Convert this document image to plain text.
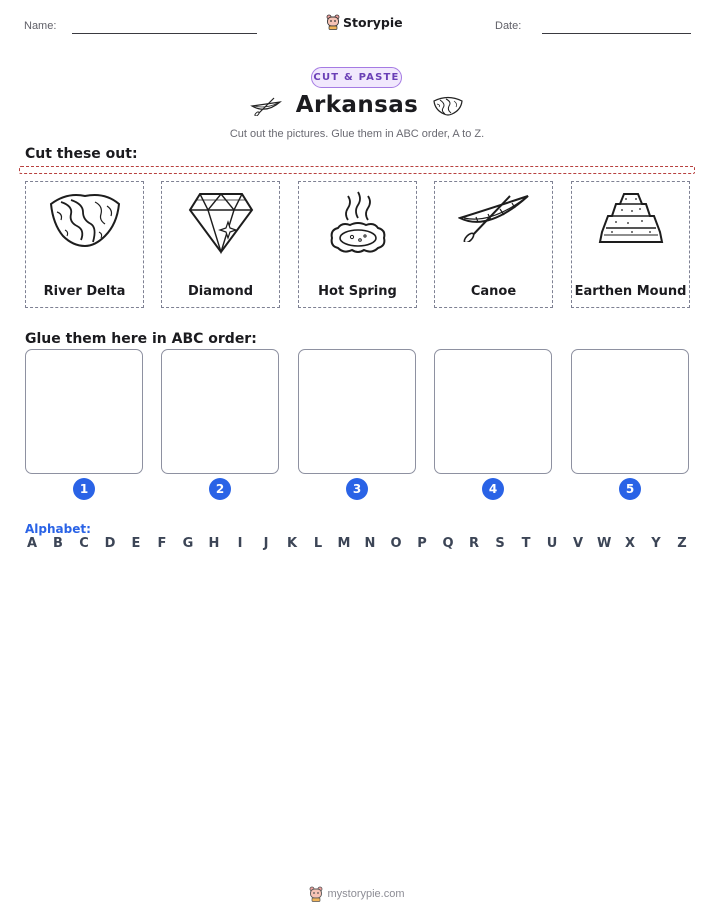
Name:	Storypie	Date:
CUT & PASTE
Arkansas
Cut out the pictures. Glue them in ABC order, A to Z.
Cut these out:
River Delta	Diamond	Hot Spring	Canoe	Earthen Mound
Glue them here in ABC order:
1	2	3	4	5
Alphabet:
A B C D E F G H	I	J	K L M N O P Q R S T U V W X Y Z
mystorypie.com
